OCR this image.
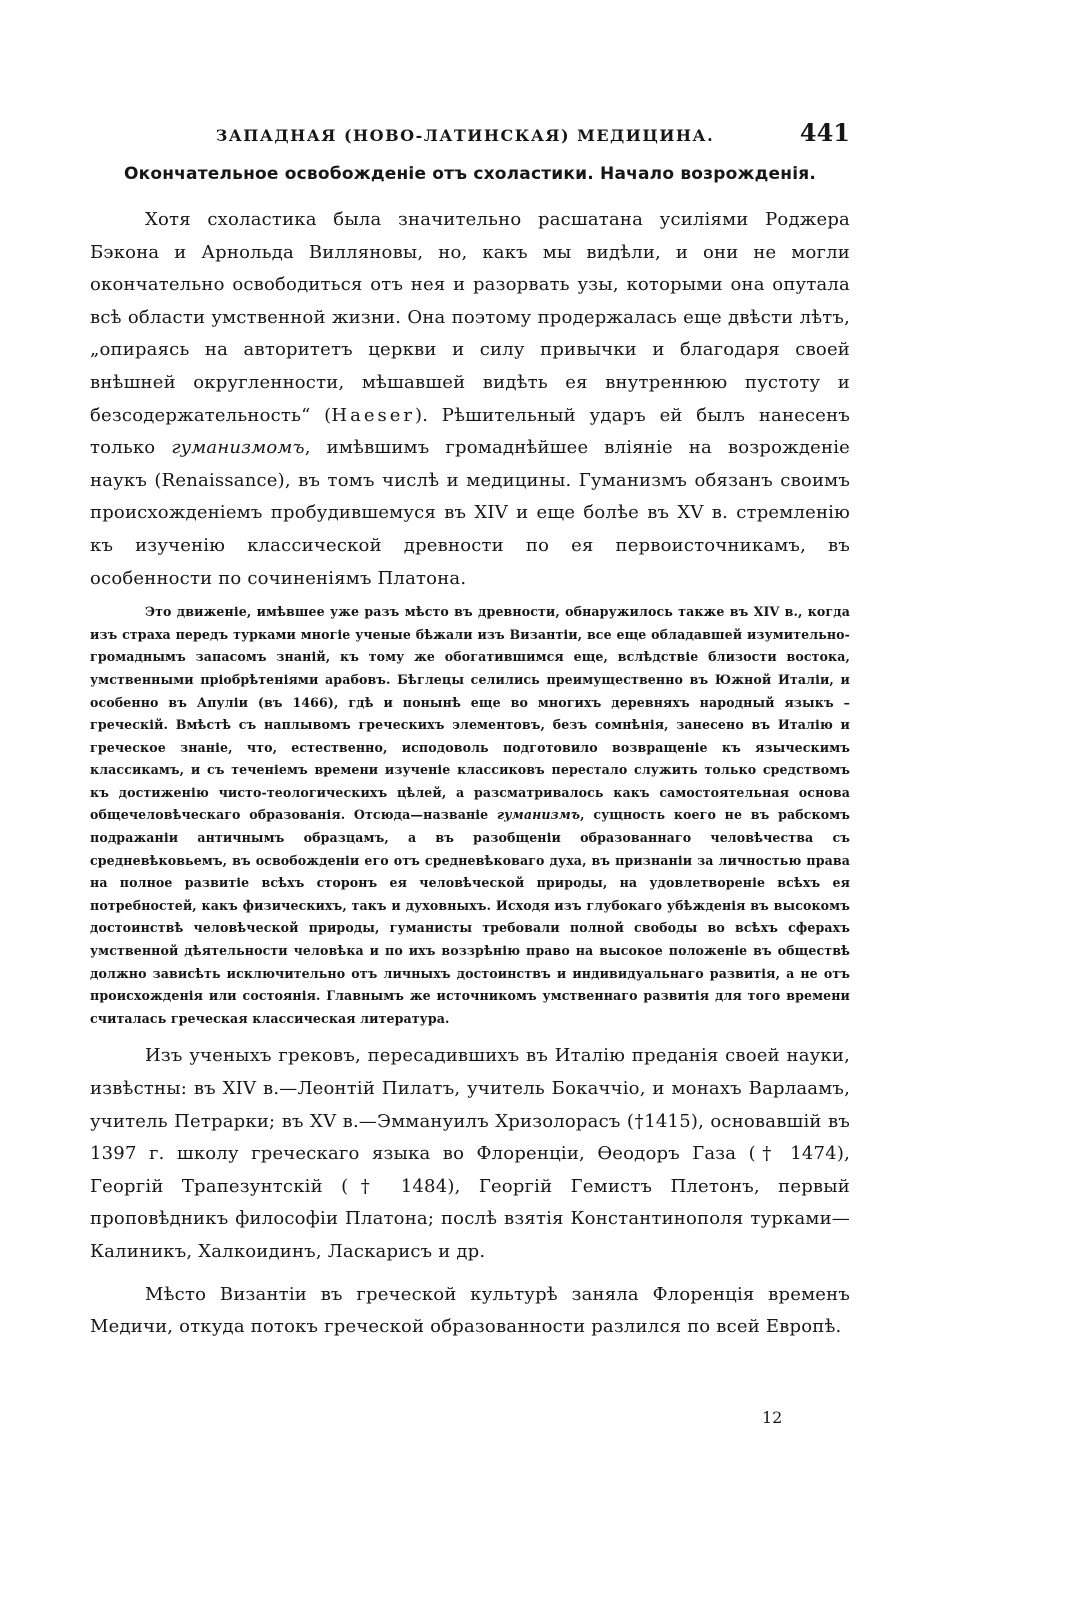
ЗАПАДНАЯ (НОВО-ЛАТИНСКАЯ) МЕДИЦИНА.	441
Окончательное освобожденіе отъ схоластики. Начало возрожденія.

Хотя схоластика была значительно расшатана усиліями Роджера Бэкона и Арнольда Вилляновы, но, какъ мы видѣли, и они не могли окончательно освободиться отъ нея и разорвать узы, которыми она опутала всѣ области умственной жизни. Она поэтому продержалась еще двѣсти лѣтъ, „опираясь на авторитетъ церкви и силу привычки и благодаря своей внѣшней округленности, мѣшавшей видѣть ея внутреннюю пустоту и безсодержательность“ (Haeser). Рѣшительный ударъ ей былъ нанесенъ только гуманизмомъ, имѣвшимъ громаднѣйшее вліяніе на возрожденіе наукъ (Renaissance), въ томъ числѣ и медицины. Гуманизмъ обязанъ своимъ происхожденіемъ пробудившемуся въ XIV и еще болѣе въ XV в. стремленію къ изученію классической древности по ея первоисточникамъ, въ особенности по сочиненіямъ Платона.

Это движеніе, имѣвшее уже разъ мѣсто въ древности, обнаружилось также въ XIV в., когда изъ страха передъ турками многіе ученые бѣжали изъ Византіи, все еще обладавшей изумительно-громаднымъ запасомъ знаній, къ тому же обогатившимся еще, вслѣдствіе близости востока, умственными пріобрѣтеніями арабовъ. Бѣглецы селились преимущественно въ Южной Италіи, и особенно въ Апуліи (въ 1466), гдѣ и понынѣ еще во многихъ деревняхъ народный языкъ – греческій. Вмѣстѣ съ наплывомъ греческихъ элементовъ, безъ сомнѣнія, занесено въ Италію и греческое знаніе, что, естественно, исподоволь подготовило возвращеніе къ языческимъ классикамъ, и съ теченіемъ времени изученіе классиковъ перестало служить только средствомъ къ достиженію чисто-теологическихъ цѣлей, а разсматривалось какъ самостоятельная основа общечеловѣческаго образованія. Отсюда—названіе гуманизмъ, сущность коего не въ рабскомъ подражаніи античнымъ образцамъ, а въ разобщеніи образованнаго человѣчества съ средневѣковьемъ, въ освобожденіи его отъ средневѣковаго духа, въ признаніи за личностью права на полное развитіе всѣхъ сторонъ ея человѣческой природы, на удовлетвореніе всѣхъ ея потребностей, какъ физическихъ, такъ и духовныхъ. Исходя изъ глубокаго убѣжденія въ высокомъ достоинствѣ человѣческой природы, гуманисты требовали полной свободы во всѣхъ сферахъ умственной дѣятельности человѣка и по ихъ воззрѣнію право на высокое положеніе въ обществѣ должно зависѣть исключительно отъ личныхъ достоинствъ и индивидуальнаго развитія, а не отъ происхожденія или состоянія. Главнымъ же источникомъ умственнаго развитія для того времени считалась греческая классическая литература.

Изъ ученыхъ грековъ, пересадившихъ въ Италію преданія своей науки, извѣстны: въ XIV в.—Леонтій Пилатъ, учитель Бокаччіо, и монахъ Варлаамъ, учитель Петрарки; въ XV в.—Эммануилъ Хризолорасъ (†1415), основавшій въ 1397 г. школу греческаго языка во Флоренціи, Ѳеодоръ Газа († 1474), Георгій Трапезунтскій († 1484), Георгій Гемистъ Плетонъ, первый проповѣдникъ философіи Платона; послѣ взятія Константинополя турками—Калиникъ, Халкоидинъ, Ласкарисъ и др.

Мѣсто Византіи въ греческой культурѣ заняла Флоренція временъ Медичи, откуда потокъ греческой образованности разлился по всей Европѣ.

12
